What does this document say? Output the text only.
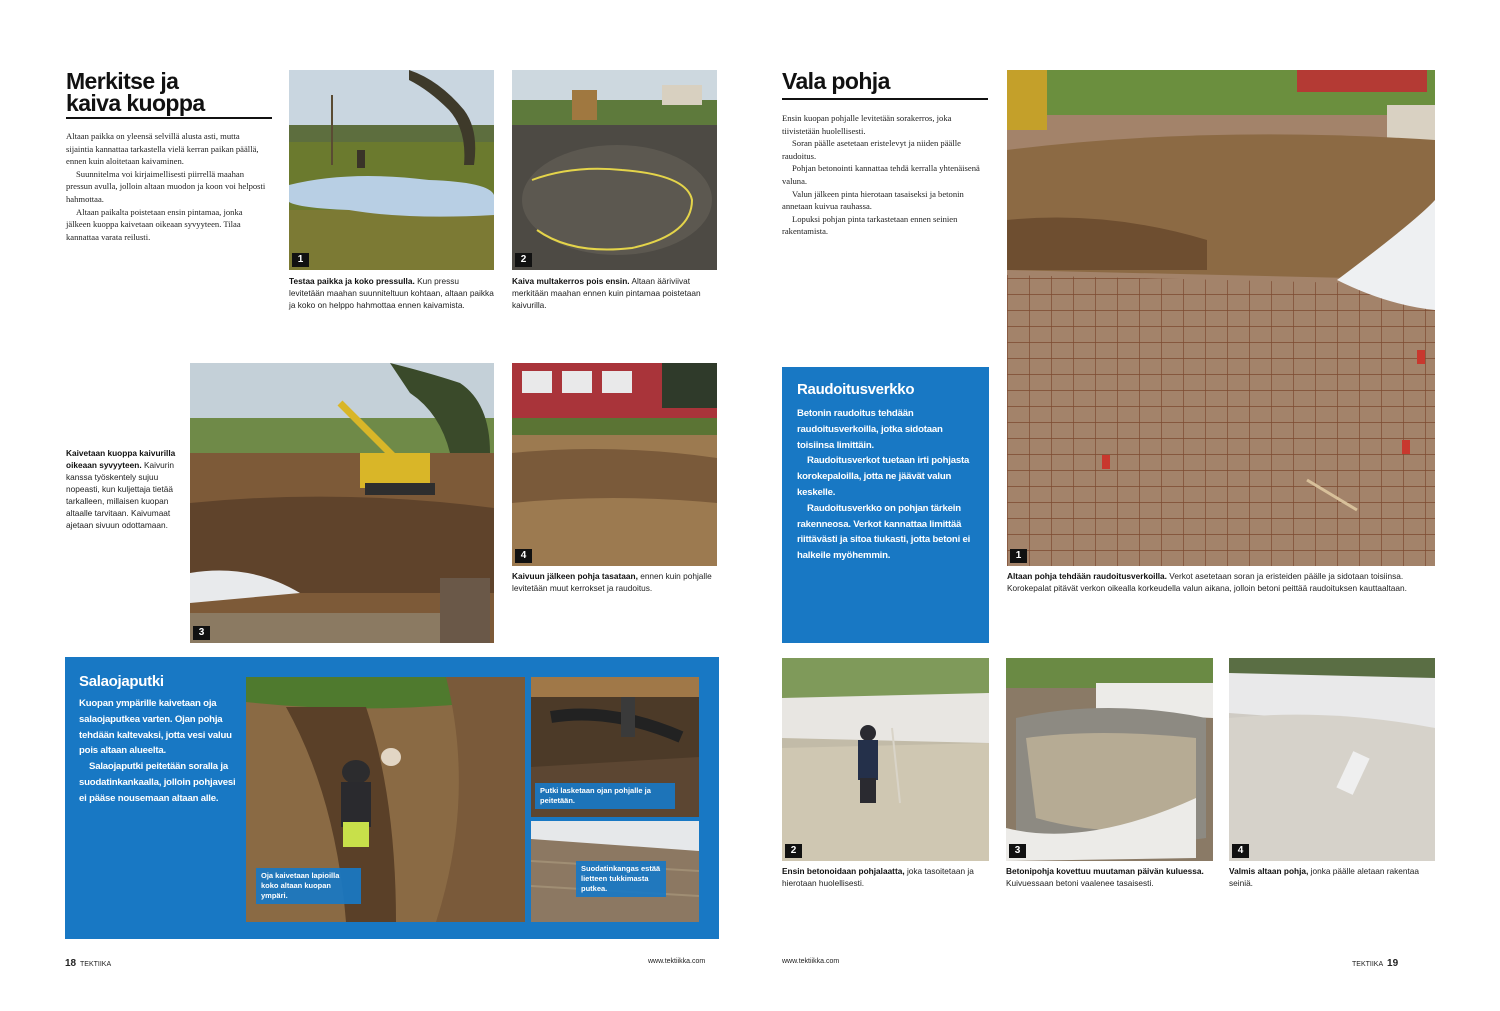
Merkitse ja
kaiva kuoppa

Altaan paikka on yleensä selvillä alusta asti, mutta sijaintia kannattaa tarkastella vielä kerran paikan päällä, ennen kuin aloitetaan kaivaminen.

Suunnitelma voi kirjaimellisesti piirrellä maahan pressun avulla, jolloin altaan muodon ja koon voi helposti hahmottaa.

Altaan paikalta poistetaan ensin pintamaa, jonka jälkeen kuoppa kaivetaan oikeaan syvyyteen. Tilaa kannattaa varata reilusti.

1
Testaa paikka ja koko pressulla. Kun pressu levitetään maahan suunniteltuun kohtaan, altaan paikka ja koko on helppo hahmottaa ennen kaivamista.
2
Kaiva multakerros pois ensin. Altaan ääriviivat merkitään maahan ennen kuin pintamaa poistetaan kaivurilla.
Kaivetaan kuoppa kaivurilla oikeaan syvyyteen. Kaivurin kanssa työskentely sujuu nopeasti, kun kuljettaja tietää tarkalleen, millaisen kuopan altaalle tarvitaan. Kaivumaat ajetaan sivuun odottamaan.
3
4
Kaivuun jälkeen pohja tasataan, ennen kuin pohjalle levitetään muut kerrokset ja raudoitus.
Salaojaputki

Kuopan ympärille kaivetaan oja salaojaputkea varten. Ojan pohja tehdään kaltevaksi, jotta vesi valuu pois altaan alueelta.

Salaojaputki peitetään soralla ja suodatinkankaalla, jolloin pohjavesi ei pääse nousemaan altaan alle.

Oja kaivetaan lapioilla koko altaan kuopan ympäri.
Putki lasketaan ojan pohjalle ja peitetään.
Suodatinkangas estää lietteen tukkimasta putkea.
18 TEKTIIKA	www.tektiikka.com
Vala pohja

Ensin kuopan pohjalle levitetään sorakerros, joka tiivistetään huolellisesti.

Soran päälle asetetaan eristelevyt ja niiden päälle raudoitus.

Pohjan betonointi kannattaa tehdä kerralla yhtenäisenä valuna.

Valun jälkeen pinta hierotaan tasaiseksi ja betonin annetaan kuivua rauhassa.

Lopuksi pohjan pinta tarkastetaan ennen seinien rakentamista.

Raudoitusverkko

Betonin raudoitus tehdään raudoitusverkoilla, jotka sidotaan toisiinsa limittäin.

Raudoitusverkot tuetaan irti pohjasta korokepaloilla, jotta ne jäävät valun keskelle.

Raudoitusverkko on pohjan tärkein rakenneosa. Verkot kannattaa limittää riittävästi ja sitoa tiukasti, jotta betoni ei halkeile myöhemmin.	1
Altaan pohja tehdään raudoitusverkoilla. Verkot asetetaan soran ja eristeiden päälle ja sidotaan toisiinsa. Korokepalat pitävät verkon oikealla korkeudella valun aikana, jolloin betoni peittää raudoituksen kauttaaltaan.
2
Ensin betonoidaan pohjalaatta, joka tasoitetaan ja hierotaan huolellisesti.
3
Betonipohja kovettuu muutaman päivän kuluessa. Kuivuessaan betoni vaalenee tasaisesti.
4
Valmis altaan pohja, jonka päälle aletaan rakentaa seiniä.
www.tektiikka.com	TEKTIIKA 19
